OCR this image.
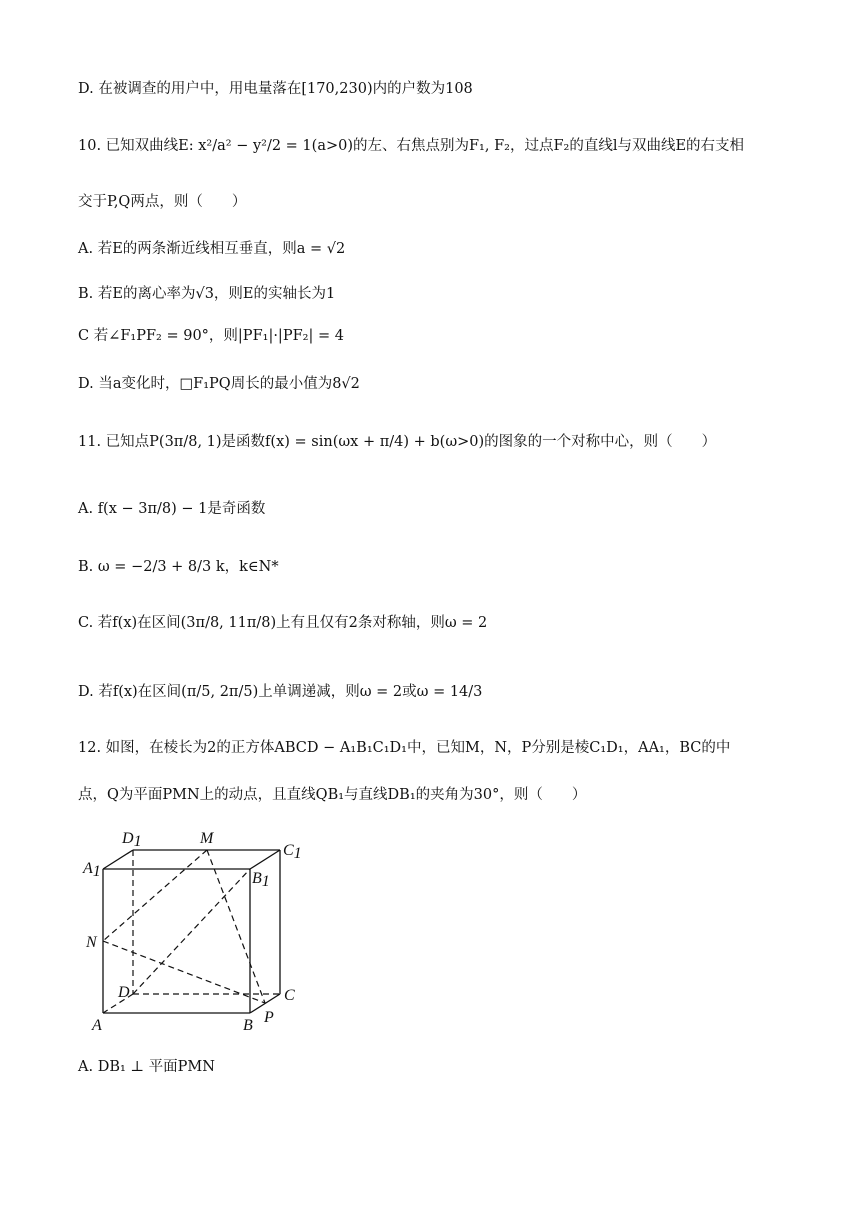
D. 在被调查的用户中，用电量落在[170,230)内的户数为108
10. 已知双曲线E: x²/a² − y²/2 = 1(a>0)的左、右焦点别为F₁, F₂，过点F₂的直线l与双曲线E的右支相
交于P,Q两点，则（　　）
A. 若E的两条渐近线相互垂直，则a = √2
B. 若E的离心率为√3，则E的实轴长为1
C 若∠F₁PF₂ = 90°，则|PF₁|·|PF₂| = 4
D. 当a变化时，□F₁PQ周长的最小值为8√2
11. 已知点P(3π/8, 1)是函数f(x) = sin(ωx + π/4) + b(ω>0)的图象的一个对称中心，则（　　）
A. f(x − 3π/8) − 1是奇函数
B. ω = −2/3 + 8/3 k，k∈N*
C. 若f(x)在区间(3π/8, 11π/8)上有且仅有2条对称轴，则ω = 2
D. 若f(x)在区间(π/5, 2π/5)上单调递减，则ω = 2或ω = 14/3
12. 如图，在棱长为2的正方体ABCD − A₁B₁C₁D₁中，已知M，N，P分别是棱C₁D₁，AA₁，BC的中
点，Q为平面PMN上的动点，且直线QB₁与直线DB₁的夹角为30°，则（　　）
D1	M
C1
A1	B1
N
D	C
A	B P
A. DB₁ ⊥ 平面PMN
